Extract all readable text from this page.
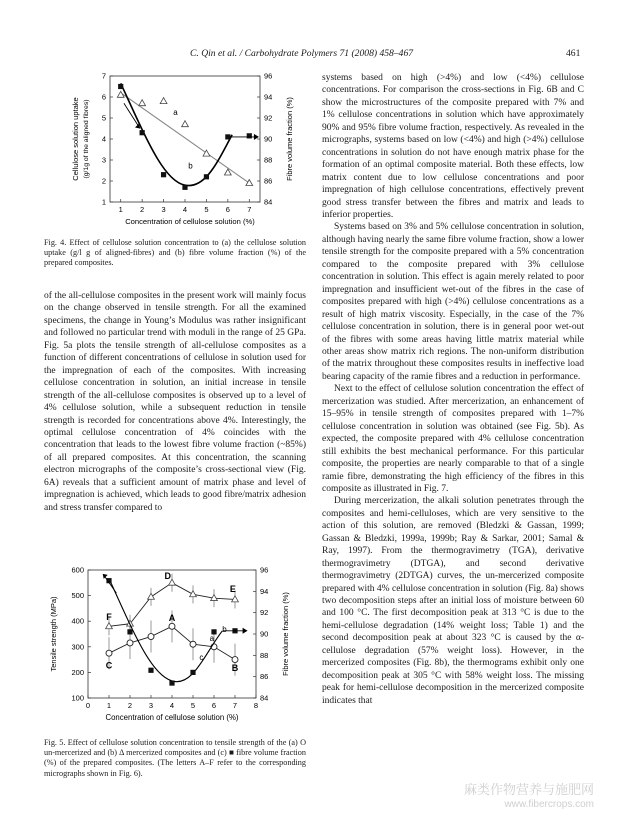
C. Qin et al. / Carbohydrate Polymers 71 (2008) 458–467	461
1 2 3 4 5 6 7
1
2
3
4
5
6
7
84
86
88
90
92
94
96
Concentration of cellulose solution (%)
Cellulose solution uptake (g/1g of the aligned fibres)	Fibre volume fraction (%)
a
b
Fig. 4. Effect of cellulose solution concentration to (a) the cellulose solution uptake (g/l g of aligned-fibres) and (b) fibre volume fraction (%) of the prepared composites.

of the all-cellulose composites in the present work will mainly focus on the change observed in tensile strength. For all the examined specimens, the change in Young’s Modulus was rather insignificant and followed no particular trend with moduli in the range of 25 GPa. Fig. 5a plots the tensile strength of all-cellulose composites as a function of different concentrations of cellulose in solution used for the impregnation of each of the composites. With increasing cellulose concentration in solution, an initial increase in tensile strength of the all-cellulose composites is observed up to a level of 4% cellulose solution, while a subsequent reduction in tensile strength is recorded for concentrations above 4%. Interestingly, the optimal cellulose concentration of 4% coincides with the concentration that leads to the lowest fibre volume fraction (~85%) of all prepared composites. At this concentration, the scanning electron micrographs of the composite’s cross-sectional view (Fig. 6A) reveals that a sufficient amount of matrix phase and level of impregnation is achieved, which leads to good fibre/matrix adhesion and stress transfer compared to

0 1 2 3 4 5 6 7 8
100
200
300
400
500
600
84
86
88
90
92
94
96
Concentration of cellulose solution (%)
Tensile strength (MPa)	Fibre volume fraction (%)
A
B
C
D
E
F
a
b
c
Fig. 5. Effect of cellulose solution concentration to tensile strength of the (a) O un-mercerized and (b) Δ mercerized composites and (c) ■ fibre volume fraction (%) of the prepared composites. (The letters A–F refer to the corresponding micrographs shown in Fig. 6).

systems based on high (>4%) and low (<4%) cellulose concentrations. For comparison the cross-sections in Fig. 6B and C show the microstructures of the composite prepared with 7% and 1% cellulose concentrations in solution which have approximately 90% and 95% fibre volume fraction, respectively. As revealed in the micrographs, systems based on low (<4%) and high (>4%) cellulose concentrations in solution do not have enough matrix phase for the formation of an optimal composite material. Both these effects, low matrix content due to low cellulose concentrations and poor impregnation of high cellulose concentrations, effectively prevent good stress transfer between the fibres and matrix and leads to inferior properties.

Systems based on 3% and 5% cellulose concentration in solution, although having nearly the same fibre volume fraction, show a lower tensile strength for the composite prepared with a 5% concentration compared to the composite prepared with 3% cellulose concentration in solution. This effect is again merely related to poor impregnation and insufficient wet-out of the fibres in the case of composites prepared with high (>4%) cellulose concentrations as a result of high matrix viscosity. Especially, in the case of the 7% cellulose concentration in solution, there is in general poor wet-out of the fibres with some areas having little matrix material while other areas show matrix rich regions. The non-uniform distribution of the matrix throughout these composites results in ineffective load bearing capacity of the ramie fibres and a reduction in performance.

Next to the effect of cellulose solution concentration the effect of mercerization was studied. After mercerization, an enhancement of 15–95% in tensile strength of composites prepared with 1–7% cellulose concentration in solution was obtained (see Fig. 5b). As expected, the composite prepared with 4% cellulose concentration still exhibits the best mechanical performance. For this particular composite, the properties are nearly comparable to that of a single ramie fibre, demonstrating the high efficiency of the fibres in this composite as illustrated in Fig. 7.

During mercerization, the alkali solution penetrates through the composites and hemi-celluloses, which are very sensitive to the action of this solution, are removed (Bledzki & Gassan, 1999; Gassan & Bledzki, 1999a, 1999b; Ray & Sarkar, 2001; Samal & Ray, 1997). From the thermogravimetry (TGA), derivative thermogravimetry (DTGA), and second derivative thermogravimetry (2DTGA) curves, the un-mercerized composite prepared with 4% cellulose concentration in solution (Fig. 8a) shows two decomposition steps after an initial loss of moisture between 60 and 100 °C. The first decomposition peak at 313 °C is due to the hemi-cellulose degradation (14% weight loss; Table 1) and the second decomposition peak at about 323 °C is caused by the α-cellulose degradation (57% weight loss). However, in the mercerized composites (Fig. 8b), the thermograms exhibit only one decomposition peak at 305 °C with 58% weight loss. The missing peak for hemi-cellulose decomposition in the mercerized composite indicates that

麻类作物营养与施肥网
www.fibercrops.com
